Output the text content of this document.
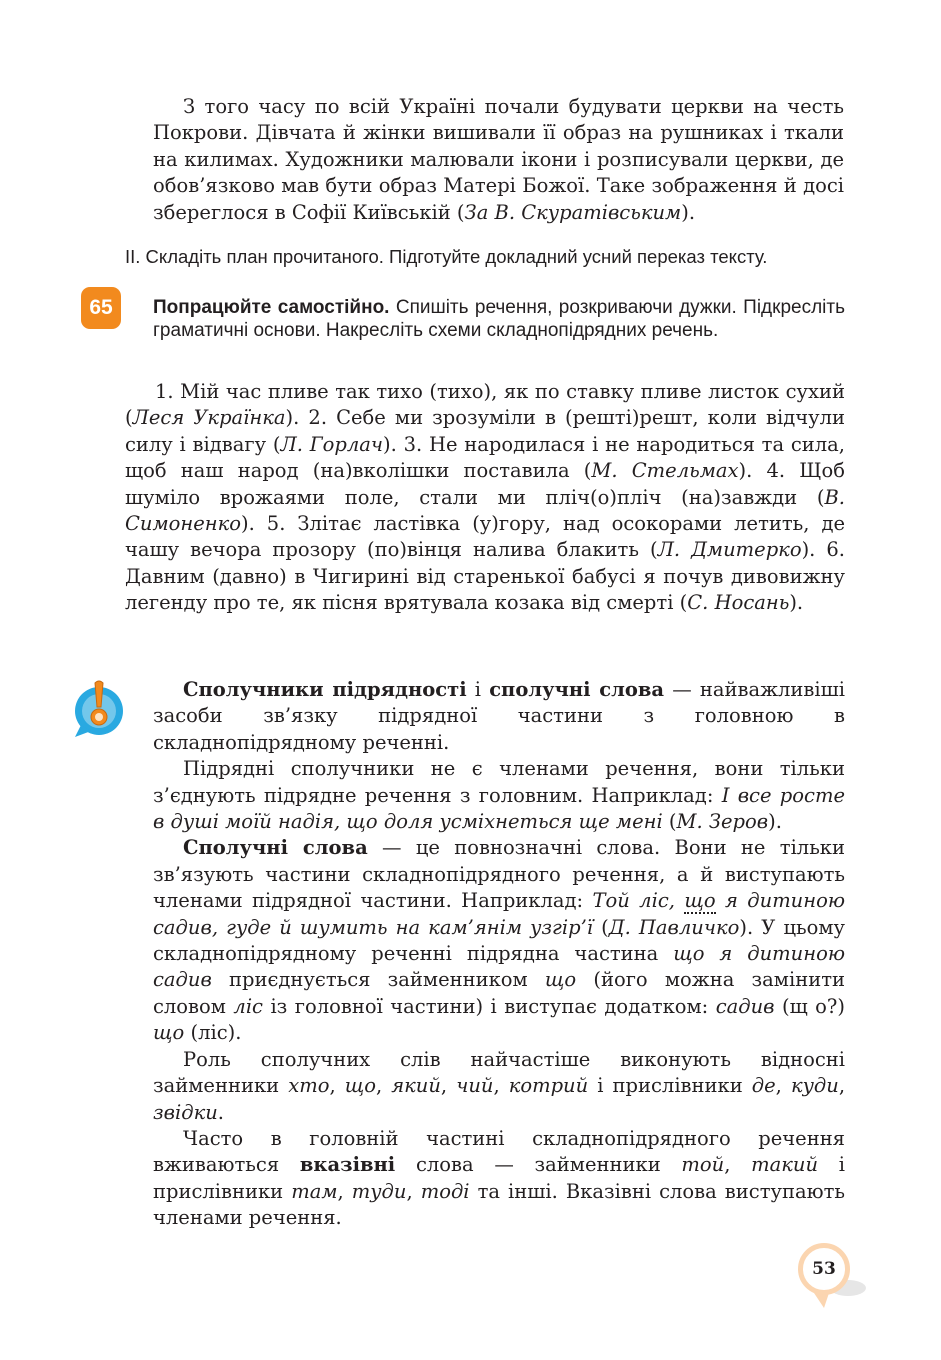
З того часу по всій Україні почали будувати церкви на честь Покрови. Дівчата й жінки вишивали її образ на рушниках і ткали на килимах. Художники малювали ікони і розписували церкви, де обов’язково мав бути образ Матері Божої. Таке зображення й досі збереглося в Софії Київській (За В. Скуратівським).
ІІ. Складіть план прочитаного. Підготуйте докладний усний переказ тексту.
65	Попрацюйте самостійно. Спишіть речення, розкриваючи дужки. Підкресліть граматичні основи. Накресліть схеми складнопідрядних речень.
1. Мій час пливе так тихо (тихо), як по ставку пливе листок сухий (Леся Українка). 2. Себе ми зрозуміли в (решті)решт, коли відчули силу і відвагу (Л. Горлач). 3. Не народилася і не народиться та сила, щоб наш народ (на)вколішки поставила (М. Стельмах). 4. Щоб шуміло врожаями поле, стали ми пліч(о)пліч (на)завжди (В. Симоненко). 5. Злітає ластівка (у)гору, над осокорами летить, де чашу вечора прозору (по)вінця налива блакить (Л. Дмитерко). 6. Давним (давно) в Чигирині від старенької бабусі я почув дивовижну легенду про те, як пісня врятувала козака від смерті (С. Носань).

Сполучники підрядності і сполучні слова — найважливіші засоби зв’язку підрядної частини з головною в складнопідрядному реченні.

Підрядні сполучники не є членами речення, вони тільки з’єднують підрядне речення з головним. Наприклад: І все росте в душі моїй надія, що доля усміхнеться ще мені (М. Зеров).

Сполучні слова — це повнозначні слова. Вони не тільки зв’язують частини складнопідрядного речення, а й виступають членами підрядної частини. Наприклад: Той ліс, що я дитиною садив, гуде й шумить на кам’янім узгір’ї (Д. Павличко). У цьому складнопідрядному реченні підрядна частина що я дитиною садив приєднується займенником що (його можна замінити словом ліс із головної частини) і виступає додатком: садив (щ о?) що (ліс).

Роль сполучних слів найчастіше виконують відносні займенники хто, що, який, чий, котрий і прислівники де, куди, звідки.

Часто в головній частині складнопідрядного речення вживаються вказівні слова — займенники той, такий і прислівники там, туди, тоді та інші. Вказівні слова виступають членами речення.

53
